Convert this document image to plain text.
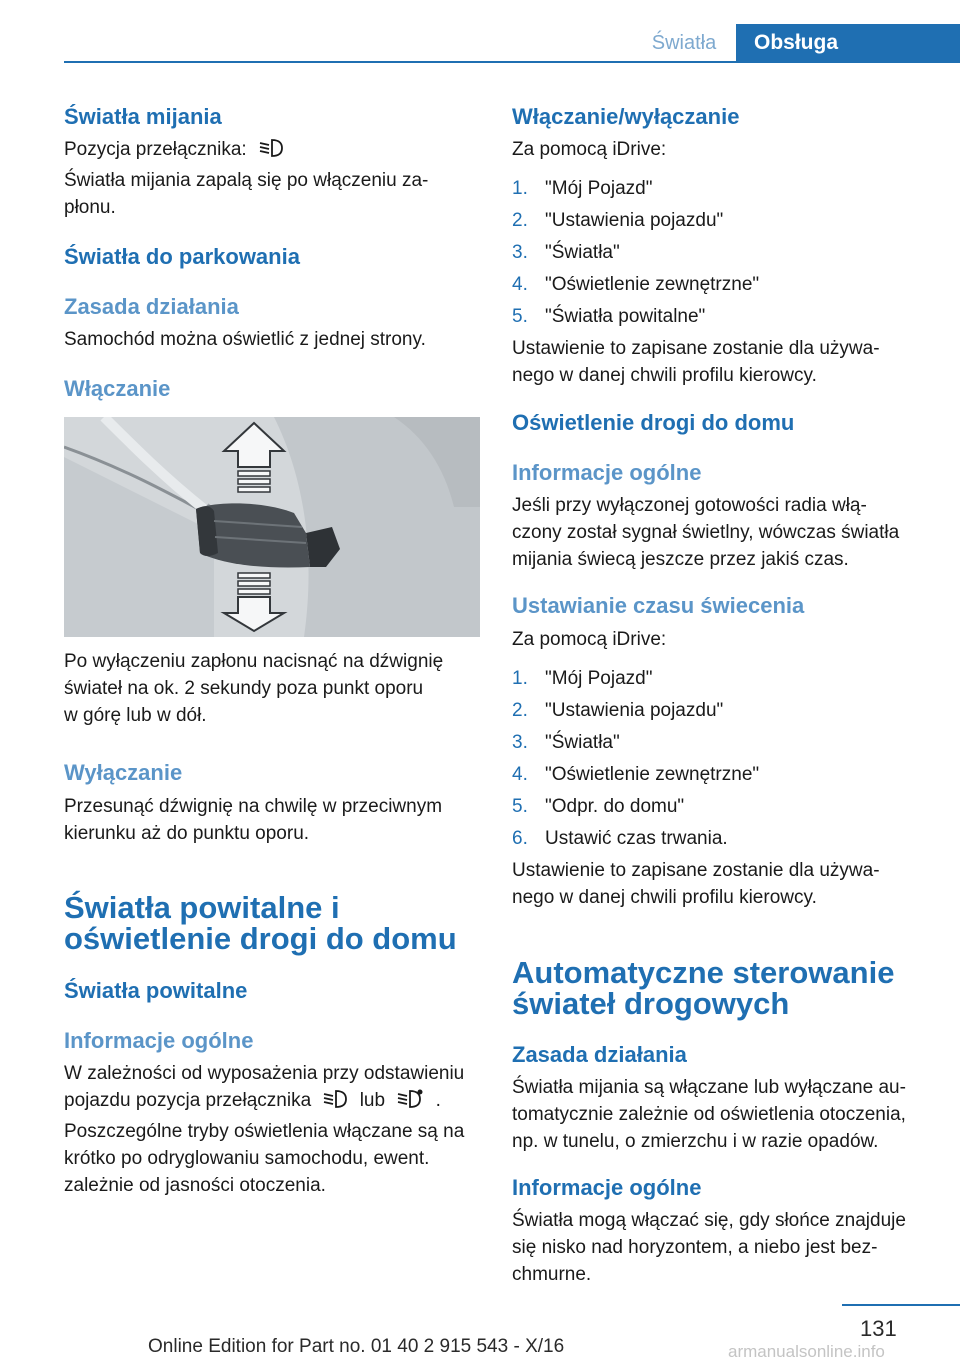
Światła	Obsługa
Światła mijania

Pozycja przełącznika:

Światła mijania zapalą się po włączeniu za‐

płonu.

Światła do parkowania
Zasada działania

Samochód można oświetlić z jednej strony.

Włączanie

Po wyłączeniu zapłonu nacisnąć na dźwignię

świateł na ok. 2 sekundy poza punkt oporu

w górę lub w dół.

Wyłączanie

Przesunąć dźwignię na chwilę w przeciwnym

kierunku aż do punktu oporu.

Światła powitalne i
oświetlenie drogi do domu
Światła powitalne
Informacje ogólne

W zależności od wyposażenia przy odstawieniu

pojazdu pozycja przełącznika	lub	.

Poszczególne tryby oświetlenia włączane są na

krótko po odryglowaniu samochodu, ewent.

zależnie od jasności otoczenia.

Włączanie/wyłączanie

Za pomocą iDrive:

1. "Mój Pojazd"
2. "Ustawienia pojazdu"
3. "Światła"
4. "Oświetlenie zewnętrzne"
5. "Światła powitalne"

Ustawienie to zapisane zostanie dla używa‐

nego w danej chwili profilu kierowcy.

Oświetlenie drogi do domu
Informacje ogólne

Jeśli przy wyłączonej gotowości radia włą‐

czony został sygnał świetlny, wówczas światła

mijania świecą jeszcze przez jakiś czas.

Ustawianie czasu świecenia

Za pomocą iDrive:

1. "Mój Pojazd"
2. "Ustawienia pojazdu"
3. "Światła"
4. "Oświetlenie zewnętrzne"
5. "Odpr. do domu"
6. Ustawić czas trwania.

Ustawienie to zapisane zostanie dla używa‐

nego w danej chwili profilu kierowcy.

Automatyczne sterowanie
świateł drogowych
Zasada działania

Światła mijania są włączane lub wyłączane au‐

tomatycznie zależnie od oświetlenia otoczenia,

np. w tunelu, o zmierzchu i w razie opadów.

Informacje ogólne

Światła mogą włączać się, gdy słońce znajduje

się nisko nad horyzontem, a niebo jest bez‐

chmurne.

131
Online Edition for Part no. 01 40 2 915 543 - X/16	armanualsonline.info
